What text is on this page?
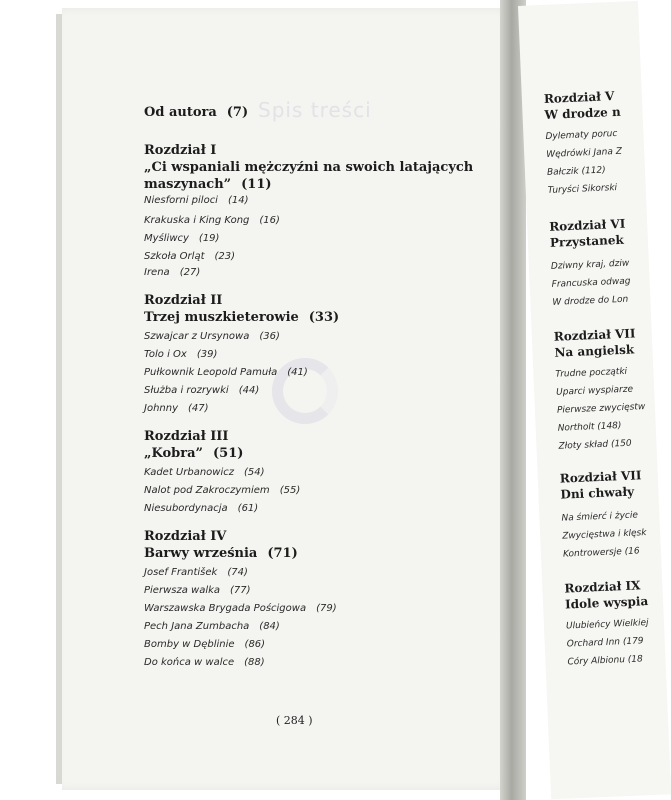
Rozdział V
W drodze n
Dylematy poruc
Wędrówki Jana Z
Bałczik (112)
Turyści Sikorski
Rozdział VI
Przystanek
Dziwny kraj, dziw
Francuska odwag
W drodze do Lon
Rozdział VII
Na angielsk
Trudne początki
Uparci wyspiarze
Pierwsze zwycięstw
Northolt (148)
Złoty skład (150
Rozdział VII
Dni chwały
Na śmierć i życie
Zwycięstwa i klęsk
Kontrowersje (16
Rozdział IX
Idole wyspia
Ulubieńcy Wielkiej
Orchard Inn (179
Córy Albionu (18
Spis treści
Od autora (7)
Rozdział I
„Ci wspaniali mężczyźni na swoich latających
maszynach” (11)
Niesforni piloci (14)
Krakuska i King Kong (16)
Myśliwcy (19)
Szkoła Orląt (23)
Irena (27)
Rozdział II
Trzej muszkieterowie (33)
Szwajcar z Ursynowa (36)
Tolo i Ox (39)
Pułkownik Leopold Pamuła (41)
Służba i rozrywki (44)
Johnny (47)
Rozdział III
„Kobra” (51)
Kadet Urbanowicz (54)
Nalot pod Zakroczymiem (55)
Niesubordynacja (61)
Rozdział IV
Barwy września (71)
Josef František (74)
Pierwsza walka (77)
Warszawska Brygada Pościgowa (79)
Pech Jana Zumbacha (84)
Bomby w Dęblinie (86)
Do końca w walce (88)
( 284 )
